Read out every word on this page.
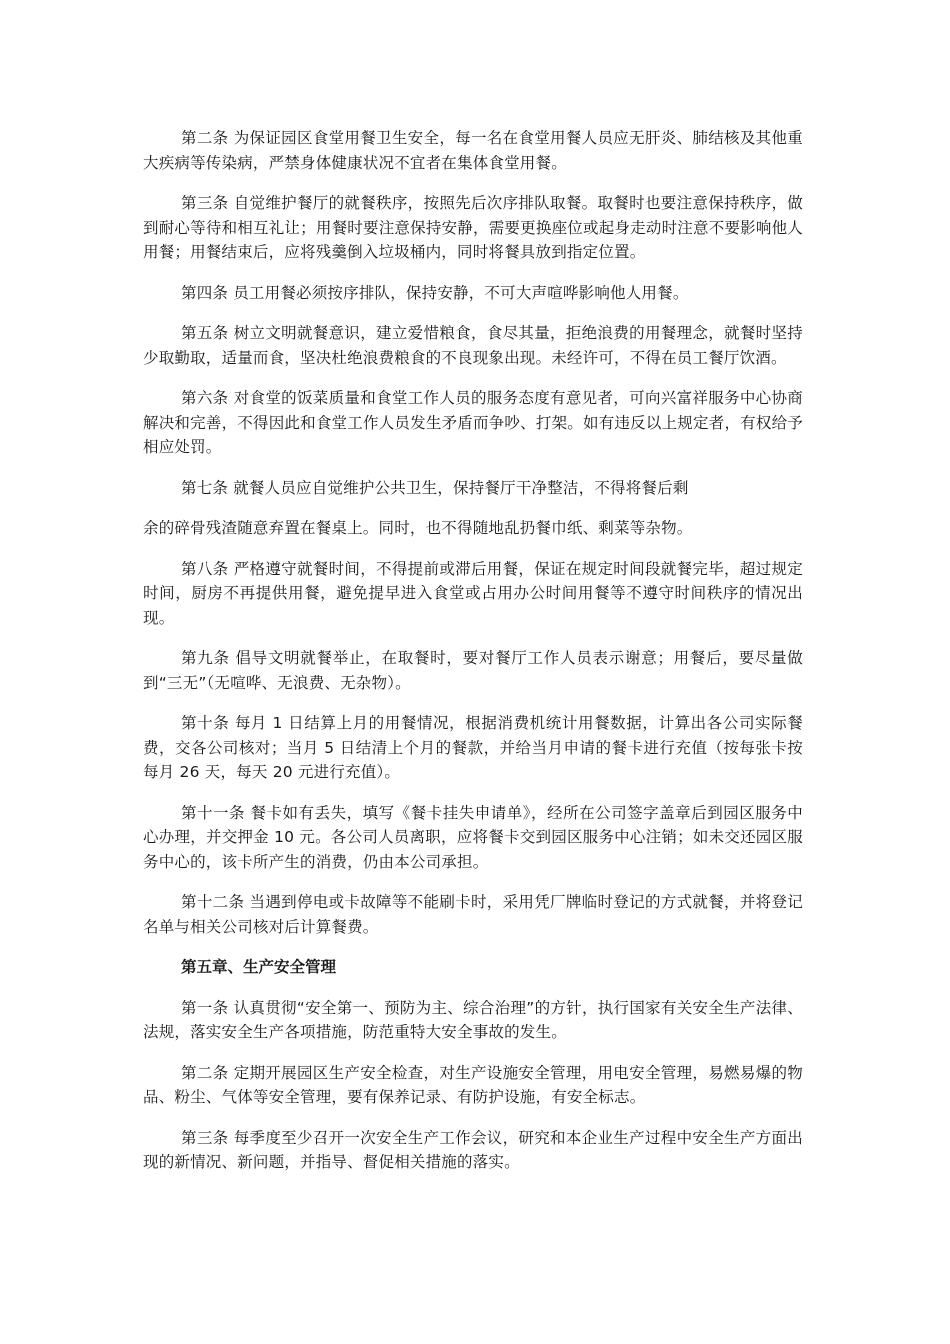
第二条 为保证园区食堂用餐卫生安全，每一名在食堂用餐人员应无肝炎、肺结核及其他重大疾病等传染病，严禁身体健康状况不宜者在集体食堂用餐。

第三条 自觉维护餐厅的就餐秩序，按照先后次序排队取餐。取餐时也要注意保持秩序，做到耐心等待和相互礼让；用餐时要注意保持安静，需要更换座位或起身走动时注意不要影响他人用餐；用餐结束后，应将残羹倒入垃圾桶内，同时将餐具放到指定位置。

第四条 员工用餐必须按序排队，保持安静，不可大声喧哗影响他人用餐。

第五条 树立文明就餐意识，建立爱惜粮食，食尽其量，拒绝浪费的用餐理念，就餐时坚持少取勤取，适量而食，坚决杜绝浪费粮食的不良现象出现。未经许可，不得在员工餐厅饮酒。

第六条 对食堂的饭菜质量和食堂工作人员的服务态度有意见者，可向兴富祥服务中心协商解决和完善，不得因此和食堂工作人员发生矛盾而争吵、打架。如有违反以上规定者，有权给予相应处罚。

第七条 就餐人员应自觉维护公共卫生，保持餐厅干净整洁，不得将餐后剩

余的碎骨残渣随意弃置在餐桌上。同时，也不得随地乱扔餐巾纸、剩菜等杂物。

第八条 严格遵守就餐时间，不得提前或滞后用餐，保证在规定时间段就餐完毕，超过规定时间，厨房不再提供用餐，避免提早进入食堂或占用办公时间用餐等不遵守时间秩序的情况出现。

第九条 倡导文明就餐举止，在取餐时，要对餐厅工作人员表示谢意；用餐后，要尽量做到“三无”（无喧哗、无浪费、无杂物）。

第十条 每月 1 日结算上月的用餐情况，根据消费机统计用餐数据，计算出各公司实际餐费，交各公司核对；当月 5 日结清上个月的餐款，并给当月申请的餐卡进行充值（按每张卡按每月 26 天，每天 20 元进行充值）。

第十一条 餐卡如有丢失，填写《餐卡挂失申请单》，经所在公司签字盖章后到园区服务中心办理，并交押金 10 元。各公司人员离职，应将餐卡交到园区服务中心注销；如未交还园区服务中心的，该卡所产生的消费，仍由本公司承担。

第十二条 当遇到停电或卡故障等不能刷卡时，采用凭厂牌临时登记的方式就餐，并将登记名单与相关公司核对后计算餐费。

第五章、生产安全管理

第一条 认真贯彻“安全第一、预防为主、综合治理”的方针，执行国家有关安全生产法律、法规，落实安全生产各项措施，防范重特大安全事故的发生。

第二条 定期开展园区生产安全检查，对生产设施安全管理，用电安全管理，易燃易爆的物品、粉尘、气体等安全管理，要有保养记录、有防护设施，有安全标志。

第三条 每季度至少召开一次安全生产工作会议，研究和本企业生产过程中安全生产方面出现的新情况、新问题，并指导、督促相关措施的落实。
